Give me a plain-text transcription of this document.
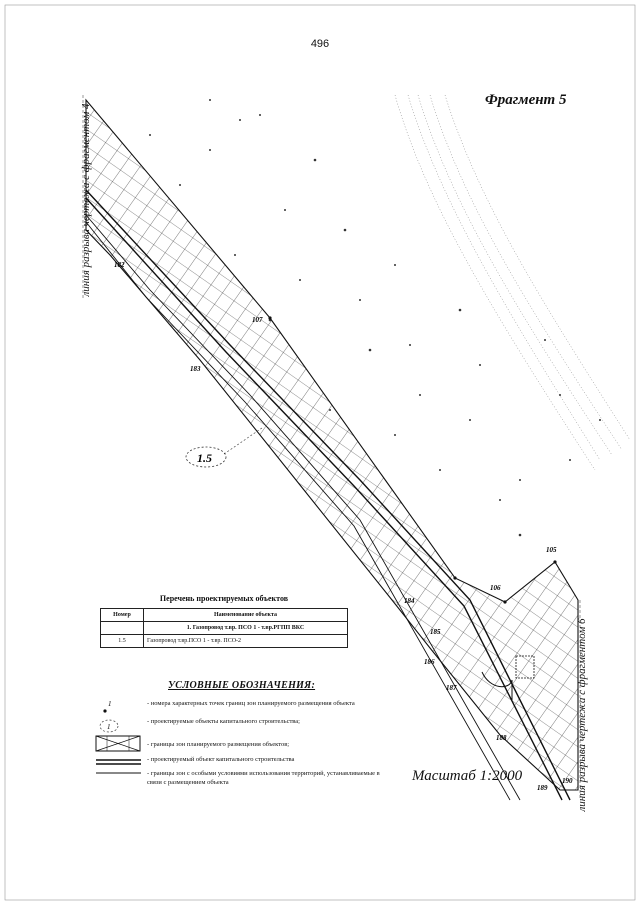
496
1.5
182
183
107
184
185
186
106
105
187
188
189
190
Фрагмент 5
линия разрыва чертежа с фрагментом 4
линия разрыва чертежа с фрагментом 6
Масштаб 1:2000
Перечень проектируемых объектов
Номер	Наименование объекта
	1. Газопровод т.вр. ПСО 1 - т.вр.РГПП ВКС
1.5	Газопровод т.вр.ПСО 1 - т.вр. ПСО-2
УСЛОВНЫЕ ОБОЗНАЧЕНИЯ:
1	- номера характерных точек границ зон планируемого размещения объекта
1
- проектируемые объекты капитального строительства;
- границы зон планируемого размещения объектов;
- проектируемый объект капитального строительства
- границы зон с особыми условиями использования территорий, устанавливаемые в связи с размещением объекта
